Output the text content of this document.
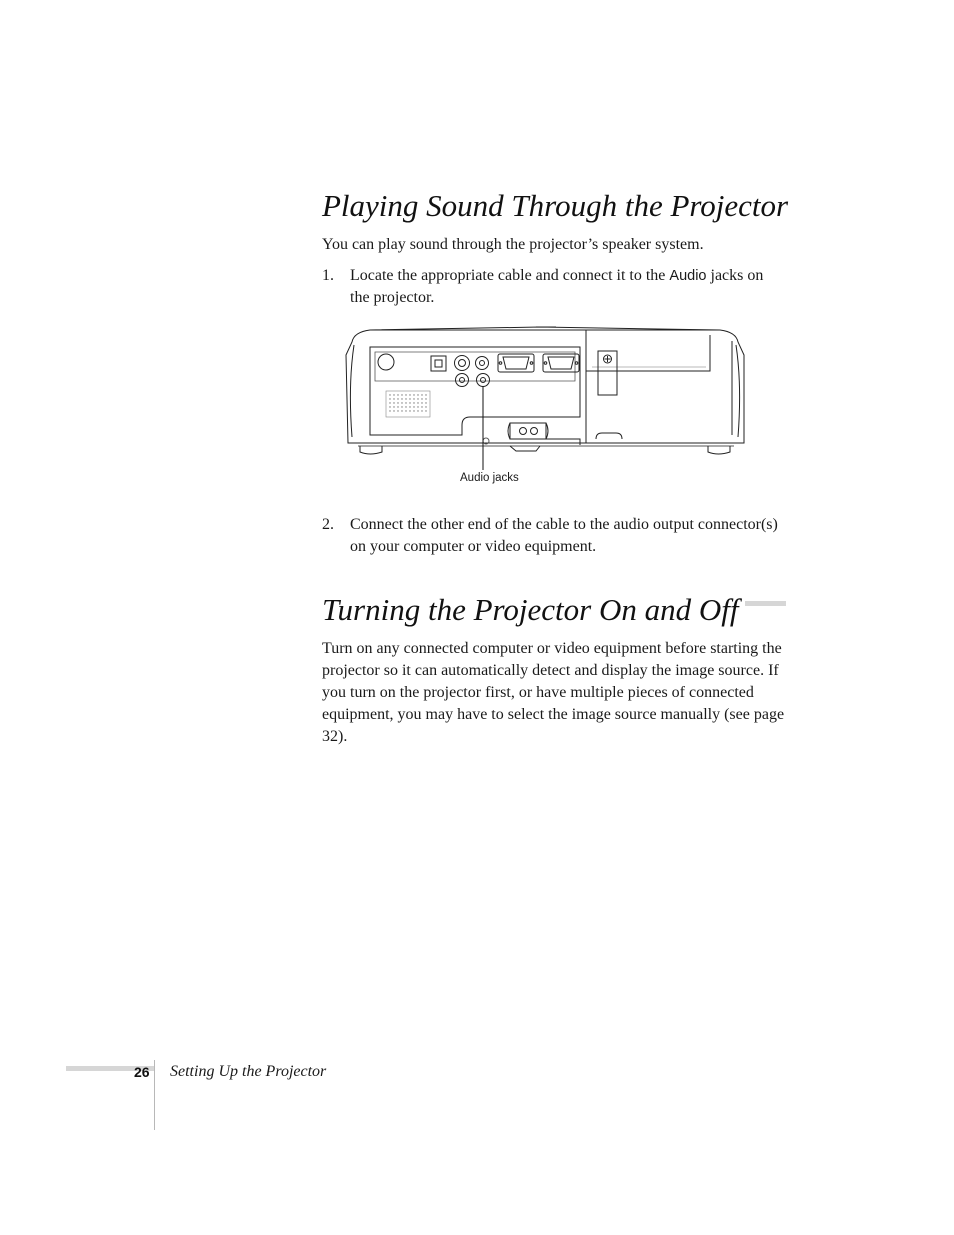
Playing Sound Through the Projector

You can play sound through the projector’s speaker system.

1.	Locate the appropriate cable and connect it to the Audio jacks on the projector.
Audio jacks
2.	Connect the other end of the cable to the audio output connector(s) on your computer or video equipment.
Turning the Projector On and Off

Turn on any connected computer or video equipment before starting the projector so it can automatically detect and display the image source. If you turn on the projector first, or have multiple pieces of connected equipment, you may have to select the image source manually (see page 32).

26 Setting Up the Projector
